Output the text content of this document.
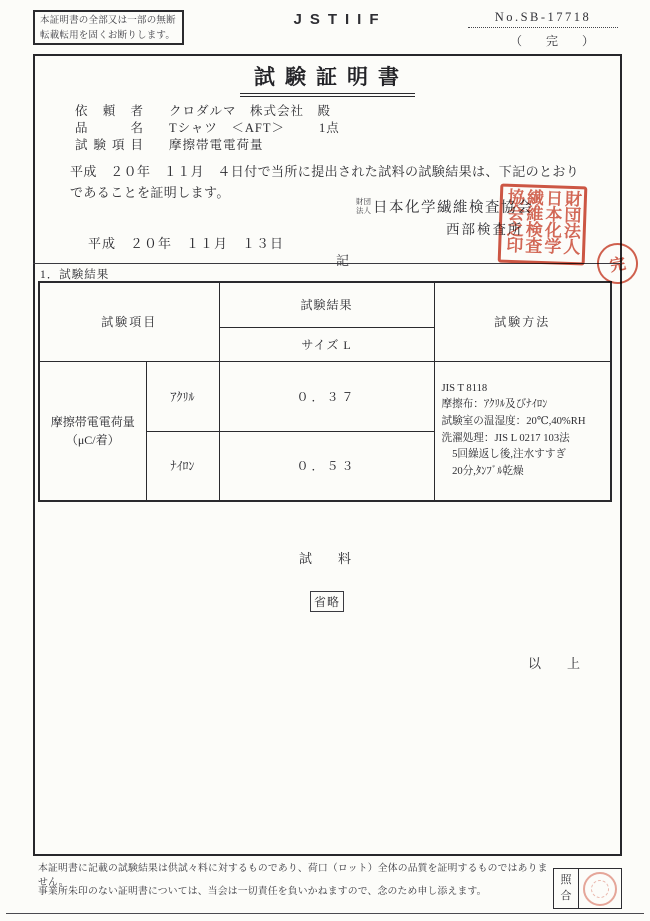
本証明書の全部又は一部の無断
転載転用を固くお断りします。
JSTIIF	No.SB-17718
（　完　）
試験証明書
依頼者 クロダルマ　株式会社　殿
品名 Tシャツ　＜AFT＞	1点
試験項目 摩擦帯電電荷量
平成　２０年　１１月　４日付で当所に提出された試料の試験結果は、下記のとおりであることを証明します。
財団
法人 日本化学繊維検査協会
西部検査所
平成　２０年　１１月　１３日
記
1．試験結果
試験項目		試験結果	試験方法
		サイズ L	

摩擦帯電電荷量
（μC/着）
	ｱｸﾘﾙ	０．３７	
JIS T 8118
摩擦布：ｱｸﾘﾙ及びﾅｲﾛﾝ
試験室の温湿度：20℃,40%RH
洗濯処理：JIS L 0217 103法
　5回繰返し後,注水すすぎ
　20分,ﾀﾝﾌﾞﾙ乾燥

	ﾅｲﾛﾝ	０．５３	
試　　料
省略
以　　上
財団法人日本化学繊維検査協会之印
完
本証明書に記載の試験結果は供試々料に対するものであり、荷口（ロット）全体の品質を証明するものではありません。
事業所朱印のない証明書については、当会は一切責任を負いかねますので、念のため申し添えます。
照合
